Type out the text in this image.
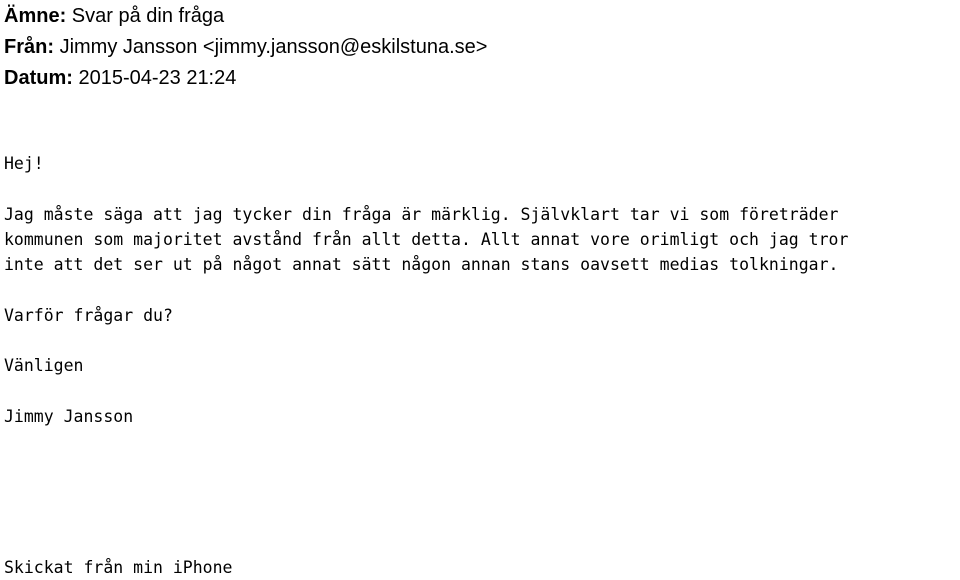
Ämne: Svar på din fråga
Från: Jimmy Jansson <jimmy.jansson@eskilstuna.se>
Datum: 2015-04-23 21:24
Hej!
Jag måste säga att jag tycker din fråga är märklig. Självklart tar vi som företräder
kommunen som majoritet avstånd från allt detta. Allt annat vore orimligt och jag tror
inte att det ser ut på något annat sätt någon annan stans oavsett medias tolkningar.
Varför frågar du?
Vänligen
Jimmy Jansson
Skickat från min iPhone
